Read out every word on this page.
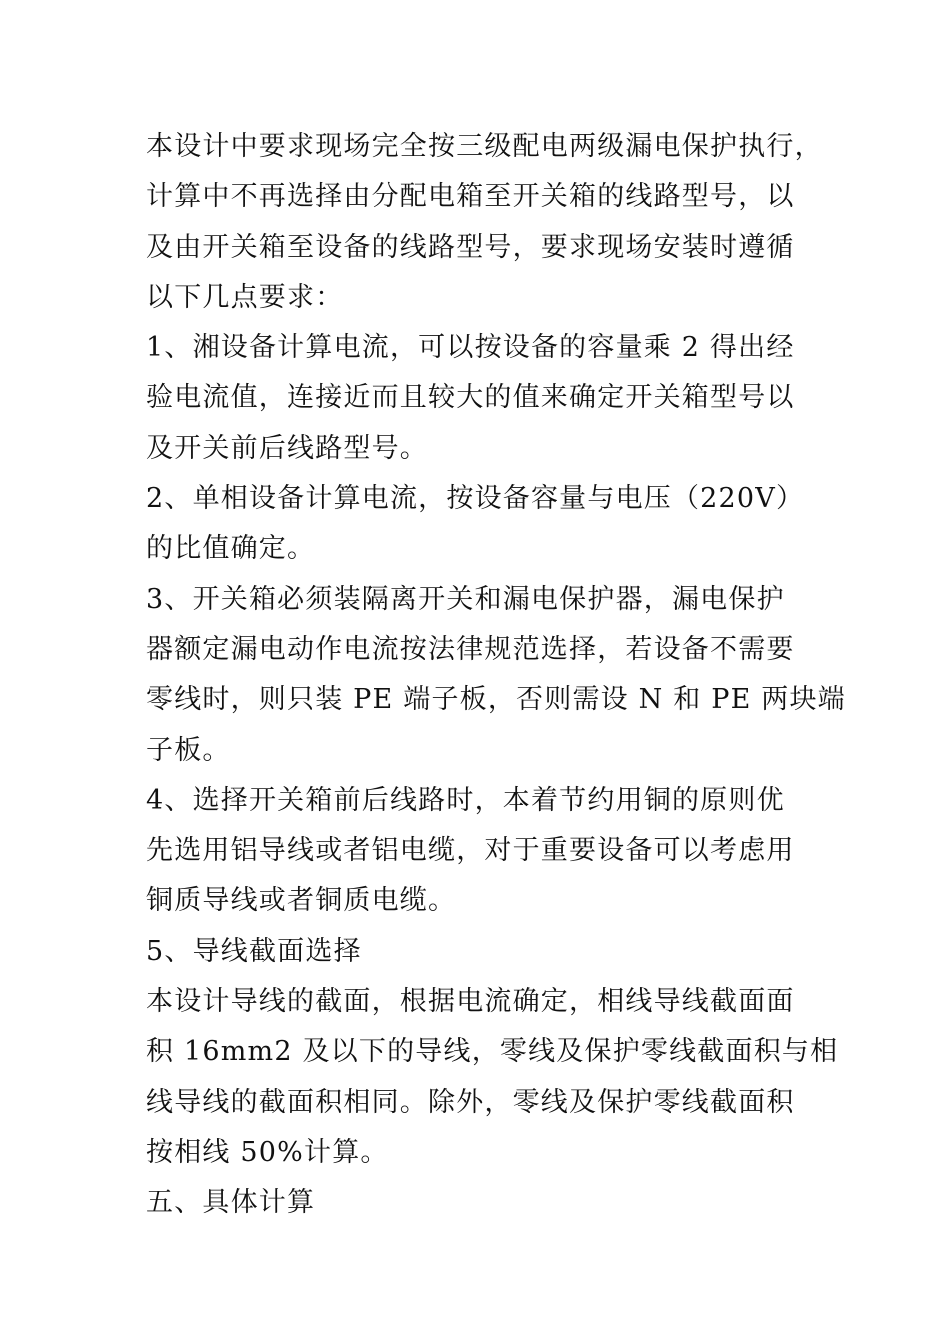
本设计中要求现场完全按三级配电两级漏电保护执行，
计算中不再选择由分配电箱至开关箱的线路型号，以
及由开关箱至设备的线路型号，要求现场安装时遵循
以下几点要求：
1、湘设备计算电流，可以按设备的容量乘 2 得出经
验电流值，连接近而且较大的值来确定开关箱型号以
及开关前后线路型号。
2、单相设备计算电流，按设备容量与电压（220V）
的比值确定。
3、开关箱必须装隔离开关和漏电保护器，漏电保护
器额定漏电动作电流按法律规范选择，若设备不需要
零线时，则只装 PE 端子板，否则需设 N 和 PE 两块端
子板。
4、选择开关箱前后线路时，本着节约用铜的原则优
先选用铝导线或者铝电缆，对于重要设备可以考虑用
铜质导线或者铜质电缆。
5、导线截面选择
本设计导线的截面，根据电流确定，相线导线截面面
积 16mm2 及以下的导线，零线及保护零线截面积与相
线导线的截面积相同。除外，零线及保护零线截面积
按相线 50%计算。
五、具体计算
